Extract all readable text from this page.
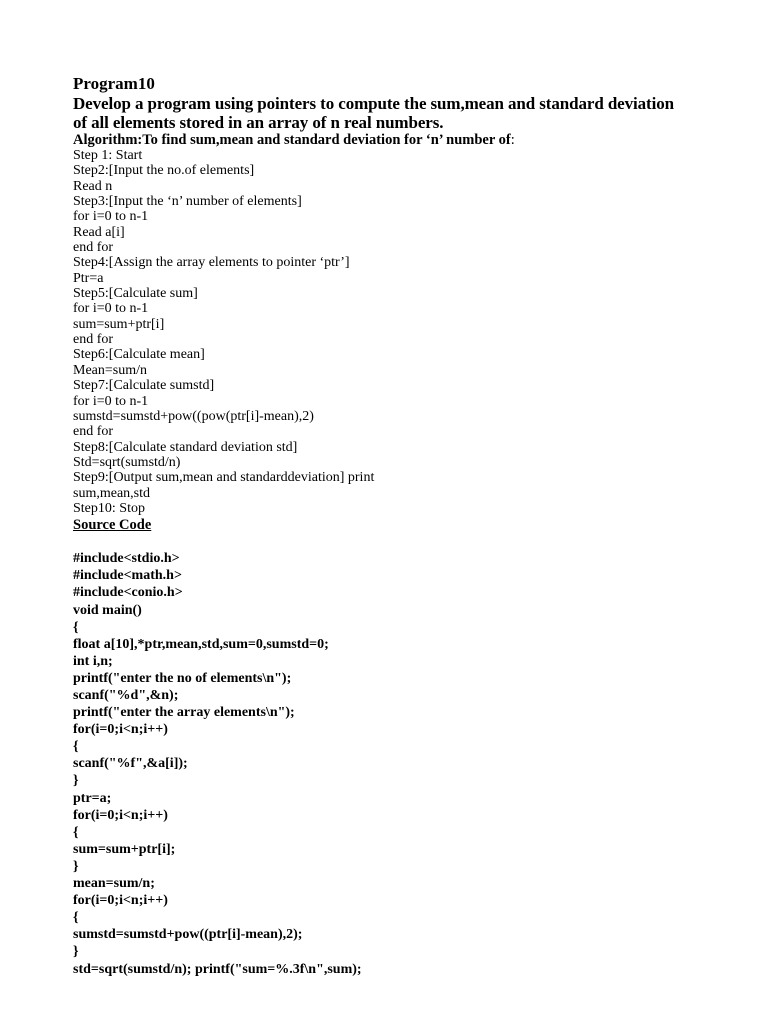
Program10

Develop a program using pointers to compute the sum,mean and standard deviation

of all elements stored in an array of n real numbers.

Algorithm:To find sum,mean and standard deviation for ‘n’ number of:

Step 1: Start

Step2:[Input the no.of elements]

Read n

Step3:[Input the ‘n’ number of elements]

for i=0 to n-1

Read a[i]

end for

Step4:[Assign the array elements to pointer ‘ptr’]

Ptr=a

Step5:[Calculate sum]

for i=0 to n-1

sum=sum+ptr[i]

end for

Step6:[Calculate mean]

Mean=sum/n

Step7:[Calculate sumstd]

for i=0 to n-1

sumstd=sumstd+pow((pow(ptr[i]-mean),2)

end for

Step8:[Calculate standard deviation std]

Std=sqrt(sumstd/n)

Step9:[Output sum,mean and standarddeviation] print

sum,mean,std

Step10: Stop

Source Code

#include<stdio.h>

#include<math.h>

#include<conio.h>

void main()

{

float a[10],*ptr,mean,std,sum=0,sumstd=0;

int i,n;

printf("enter the no of elements\n");

scanf("%d",&n);

printf("enter the array elements\n");

for(i=0;i<n;i++)

{

scanf("%f",&a[i]);

}

ptr=a;

for(i=0;i<n;i++)

{

sum=sum+ptr[i];

}

mean=sum/n;

for(i=0;i<n;i++)

{

sumstd=sumstd+pow((ptr[i]-mean),2);

}

std=sqrt(sumstd/n); printf("sum=%.3f\n",sum);
